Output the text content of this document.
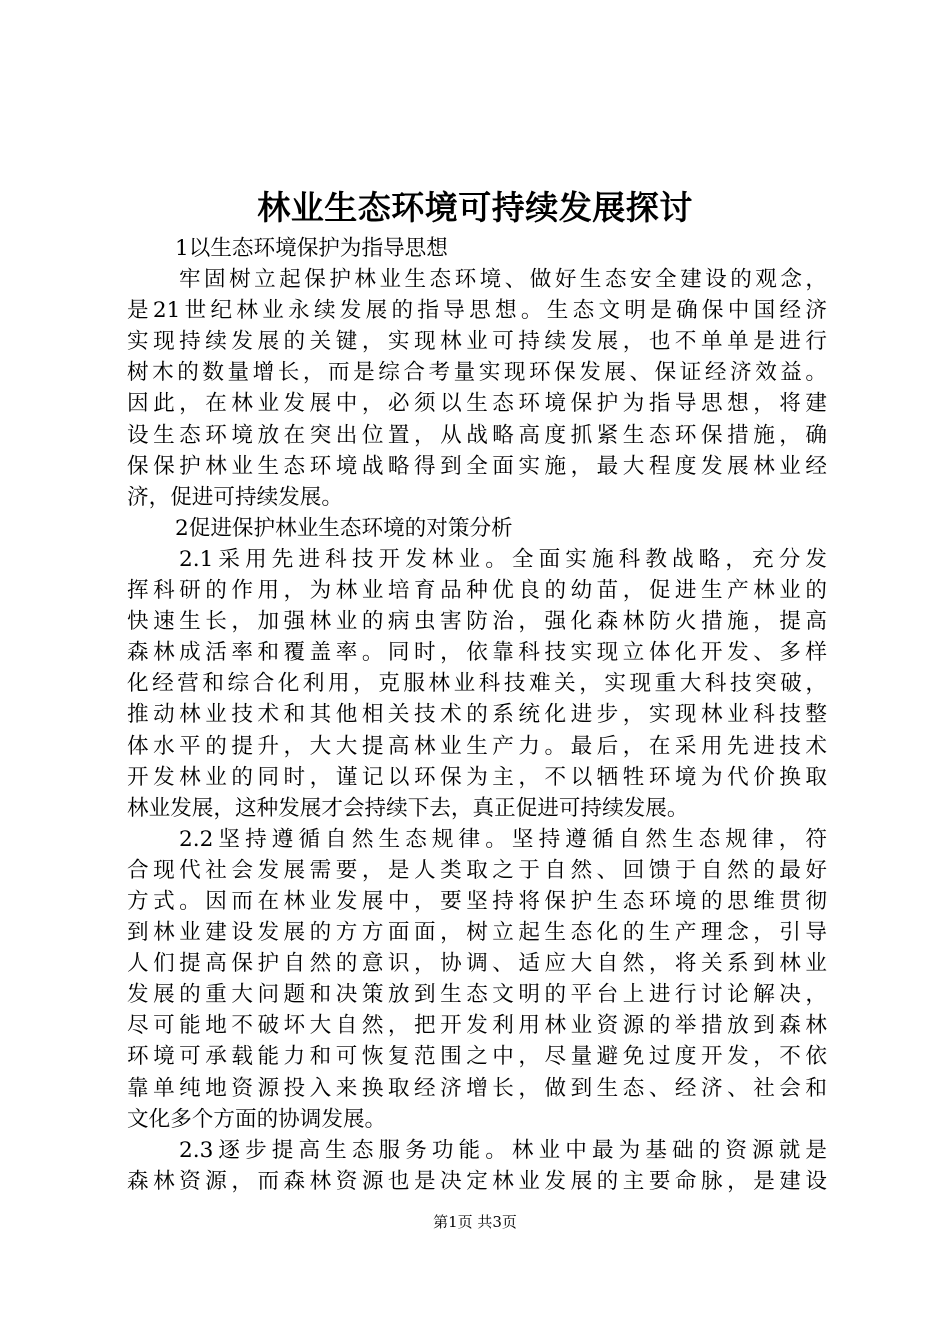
林业生态环境可持续发展探讨
1以生态环境保护为指导思想
牢固树立起保护林业生态环境、做好生态安全建设的观念，
是21世纪林业永续发展的指导思想。生态文明是确保中国经济
实现持续发展的关键，实现林业可持续发展，也不单单是进行
树木的数量增长，而是综合考量实现环保发展、保证经济效益。
因此，在林业发展中，必须以生态环境保护为指导思想，将建
设生态环境放在突出位置，从战略高度抓紧生态环保措施，确
保保护林业生态环境战略得到全面实施，最大程度发展林业经
济，促进可持续发展。
2促进保护林业生态环境的对策分析
2.1采用先进科技开发林业。全面实施科教战略，充分发
挥科研的作用，为林业培育品种优良的幼苗，促进生产林业的
快速生长，加强林业的病虫害防治，强化森林防火措施，提高
森林成活率和覆盖率。同时，依靠科技实现立体化开发、多样
化经营和综合化利用，克服林业科技难关，实现重大科技突破，
推动林业技术和其他相关技术的系统化进步，实现林业科技整
体水平的提升，大大提高林业生产力。最后，在采用先进技术
开发林业的同时，谨记以环保为主，不以牺牲环境为代价换取
林业发展，这种发展才会持续下去，真正促进可持续发展。
2.2坚持遵循自然生态规律。坚持遵循自然生态规律，符
合现代社会发展需要，是人类取之于自然、回馈于自然的最好
方式。因而在林业发展中，要坚持将保护生态环境的思维贯彻
到林业建设发展的方方面面，树立起生态化的生产理念，引导
人们提高保护自然的意识，协调、适应大自然，将关系到林业
发展的重大问题和决策放到生态文明的平台上进行讨论解决，
尽可能地不破坏大自然，把开发利用林业资源的举措放到森林
环境可承载能力和可恢复范围之中，尽量避免过度开发，不依
靠单纯地资源投入来换取经济增长，做到生态、经济、社会和
文化多个方面的协调发展。
2.3逐步提高生态服务功能。林业中最为基础的资源就是
森林资源，而森林资源也是决定林业发展的主要命脉，是建设
第1页 共3页
